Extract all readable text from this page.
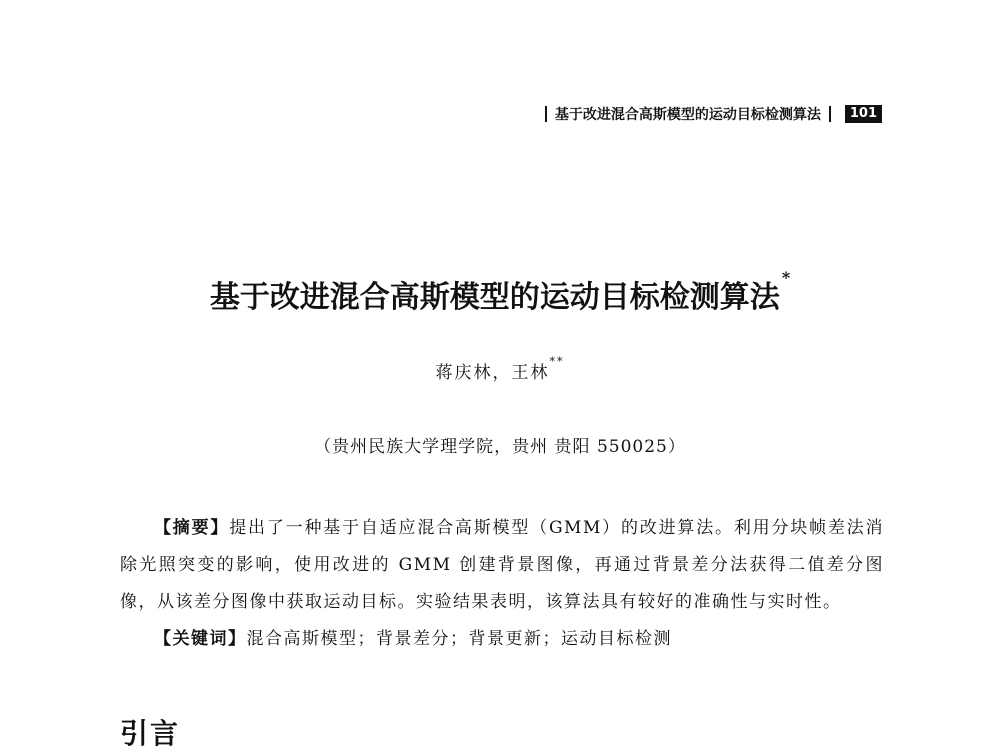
基于改进混合高斯模型的运动目标检测算法	101
基于改进混合高斯模型的运动目标检测算法*
蒋庆林，王林**
（贵州民族大学理学院，贵州 贵阳 550025）

【摘要】提出了一种基于自适应混合高斯模型（GMM）的改进算法。利用分块帧差法消除光照突变的影响，使用改进的 GMM 创建背景图像，再通过背景差分法获得二值差分图像，从该差分图像中获取运动目标。实验结果表明，该算法具有较好的准确性与实时性。

【关键词】混合高斯模型；背景差分；背景更新；运动目标检测

引言
